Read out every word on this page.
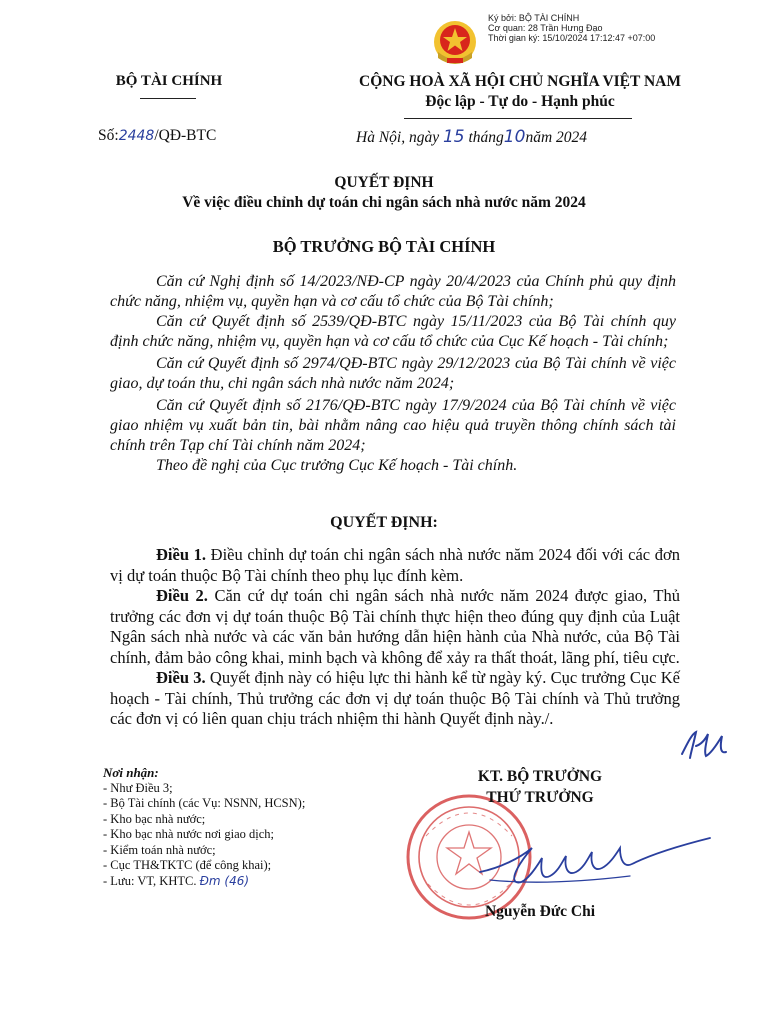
Ký bởi: BỘ TÀI CHÍNH
Cơ quan: 28 Trần Hưng Đạo
Thời gian ký: 15/10/2024 17:12:47 +07:00
BỘ TÀI CHÍNH	CỘNG HOÀ XÃ HỘI CHỦ NGHĨA VIỆT NAM
Độc lập - Tự do - Hạnh phúc
Số:2448/QĐ-BTC	Hà Nội, ngày 15 tháng10năm 2024
QUYẾT ĐỊNH
Về việc điều chỉnh dự toán chi ngân sách nhà nước năm 2024
BỘ TRƯỞNG BỘ TÀI CHÍNH

Căn cứ Nghị định số 14/2023/NĐ-CP ngày 20/4/2023 của Chính phủ quy định chức năng, nhiệm vụ, quyền hạn và cơ cấu tổ chức của Bộ Tài chính;

Căn cứ Quyết định số 2539/QĐ-BTC ngày 15/11/2023 của Bộ Tài chính quy định chức năng, nhiệm vụ, quyền hạn và cơ cấu tổ chức của Cục Kế hoạch - Tài chính;

Căn cứ Quyết định số 2974/QĐ-BTC ngày 29/12/2023 của Bộ Tài chính về việc giao, dự toán thu, chi ngân sách nhà nước năm 2024;

Căn cứ Quyết định số 2176/QĐ-BTC ngày 17/9/2024 của Bộ Tài chính về việc giao nhiệm vụ xuất bản tin, bài nhằm nâng cao hiệu quả truyền thông chính sách tài chính trên Tạp chí Tài chính năm 2024;

Theo đề nghị của Cục trưởng Cục Kế hoạch - Tài chính.

QUYẾT ĐỊNH:

Điều 1. Điều chỉnh dự toán chi ngân sách nhà nước năm 2024 đối với các đơn vị dự toán thuộc Bộ Tài chính theo phụ lục đính kèm.

Điều 2. Căn cứ dự toán chi ngân sách nhà nước năm 2024 được giao, Thủ trưởng các đơn vị dự toán thuộc Bộ Tài chính thực hiện theo đúng quy định của Luật Ngân sách nhà nước và các văn bản hướng dẫn hiện hành của Nhà nước, của Bộ Tài chính, đảm bảo công khai, minh bạch và không để xảy ra thất thoát, lãng phí, tiêu cực.

Điều 3. Quyết định này có hiệu lực thi hành kể từ ngày ký. Cục trưởng Cục Kế hoạch - Tài chính, Thủ trưởng các đơn vị dự toán thuộc Bộ Tài chính và Thủ trưởng các đơn vị có liên quan chịu trách nhiệm thi hành Quyết định này./.

Nơi nhận:
- Như Điều 3;
- Bộ Tài chính (các Vụ: NSNN, HCSN);
- Kho bạc nhà nước;
- Kho bạc nhà nước nơi giao dịch;
- Kiểm toán nhà nước;
- Cục TH&TKTC (để công khai);
- Lưu: VT, KHTC. Đm (46)
KT. BỘ TRƯỞNG
THỨ TRƯỞNG
Nguyễn Đức Chi
